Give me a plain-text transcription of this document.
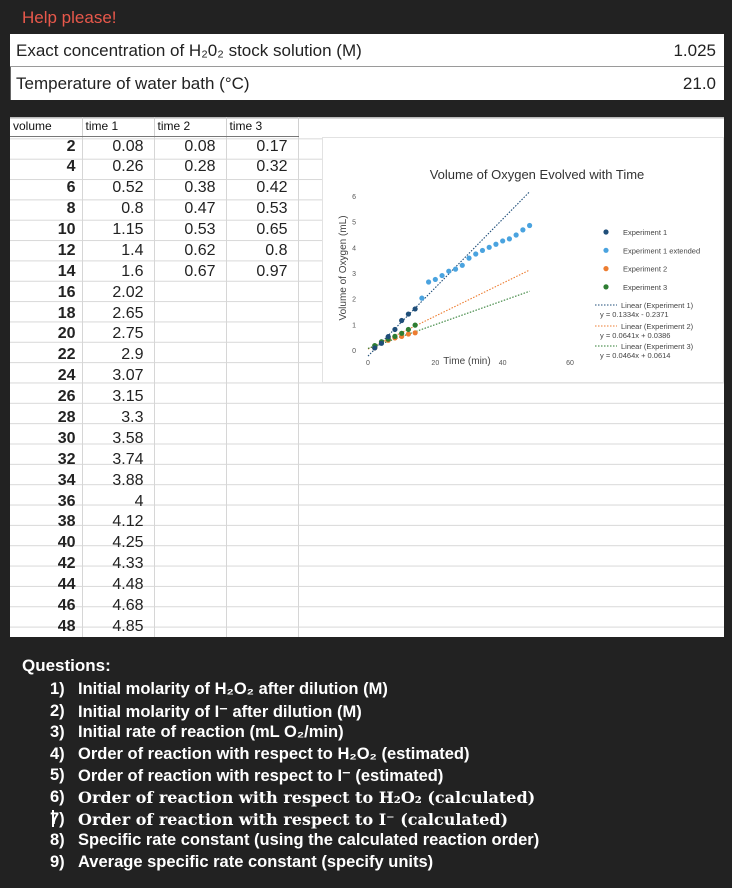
Help please!
Exact concentration of H₂0₂ stock solution (M)	1.025
Temperature of water bath (°C)	21.0
volume	time 1	time 2	time 3
2	0.08	0.08	0.17
4	0.26	0.28	0.32
6	0.52	0.38	0.42
8	0.8	0.47	0.53
10	1.15	0.53	0.65
12	1.4	0.62	0.8
14	1.6	0.67	0.97
16	2.02		
18	2.65		
20	2.75		
22	2.9		
24	3.07		
26	3.15		
28	3.3		
30	3.58		
32	3.74		
34	3.88		
36	4		
38	4.12		
40	4.25		
42	4.33		
44	4.48		
46	4.68		
48	4.85		
Volume of Oxygen Evolved with Time
Time (min)
Volume of Oxygen (mL)
0
1
2
3
4
5
6
0	20	40	60
Experiment 1
Experiment 1 extended
Experiment 2
Experiment 3
Linear (Experiment 1)
y = 0.1334x - 0.2371
Linear (Experiment 2)
y = 0.0641x + 0.0386
Linear (Experiment 3)
y = 0.0464x + 0.0614
Questions:
1) Initial molarity of H₂O₂ after dilution (M)
2) Initial molarity of I⁻ after dilution (M)
3) Initial rate of reaction (mL O₂/min)
4) Order of reaction with respect to H₂O₂ (estimated)
5) Order of reaction with respect to I⁻ (estimated)
6) Order of reaction with respect to H₂O₂ (calculated)
7) Order of reaction with respect to I⁻ (calculated)
8) Specific rate constant (using the calculated reaction order)
9) Average specific rate constant (specify units)
